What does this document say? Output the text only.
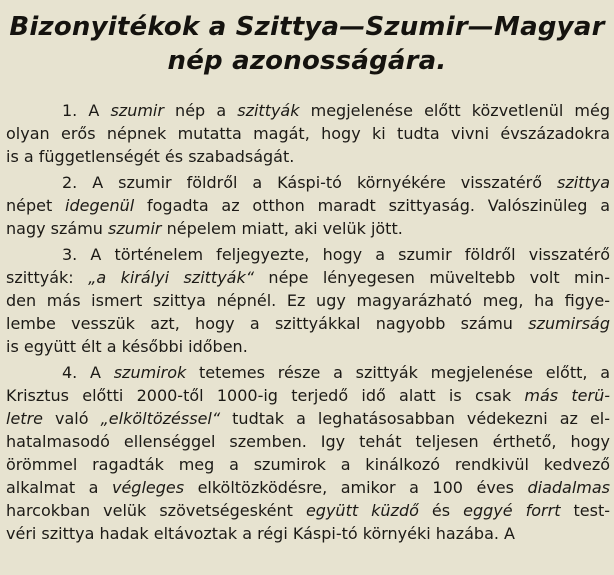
Bizonyitékok a Szittya—Szumir—Magyar
nép azonosságára.
1. A szumir nép a szittyák megjelenése előtt közvetlenül még
olyan erős népnek mutatta magát, hogy ki tudta vivni évszázadokra
is a függetlenségét és szabadságát.
2. A szumir földről a Káspi-tó környékére visszatérő szittya
népet idegenül fogadta az otthon maradt szittyaság. Valószinüleg a
nagy számu szumir népelem miatt, aki velük jött.
3. A történelem feljegyezte, hogy a szumir földről visszatérő
szittyák: „a királyi szittyák“ népe lényegesen müveltebb volt min-
den más ismert szittya népnél. Ez ugy magyarázható meg, ha figye-
lembe vesszük azt, hogy a szittyákkal nagyobb számu szumirság
is együtt élt a későbbi időben.
4. A szumirok tetemes része a szittyák megjelenése előtt, a
Krisztus előtti 2000-től 1000-ig terjedő idő alatt is csak más terü-
letre való „elköltözéssel“ tudtak a leghatásosabban védekezni az el-
hatalmasodó ellenséggel szemben. Igy tehát teljesen érthető, hogy
örömmel ragadták meg a szumirok a kinálkozó rendkivül kedvező
alkalmat a végleges elköltözködésre, amikor a 100 éves diadalmas
harcokban velük szövetségesként együtt küzdő és eggyé forrt test-
véri szittya hadak eltávoztak a régi Káspi-tó környéki hazába. A
